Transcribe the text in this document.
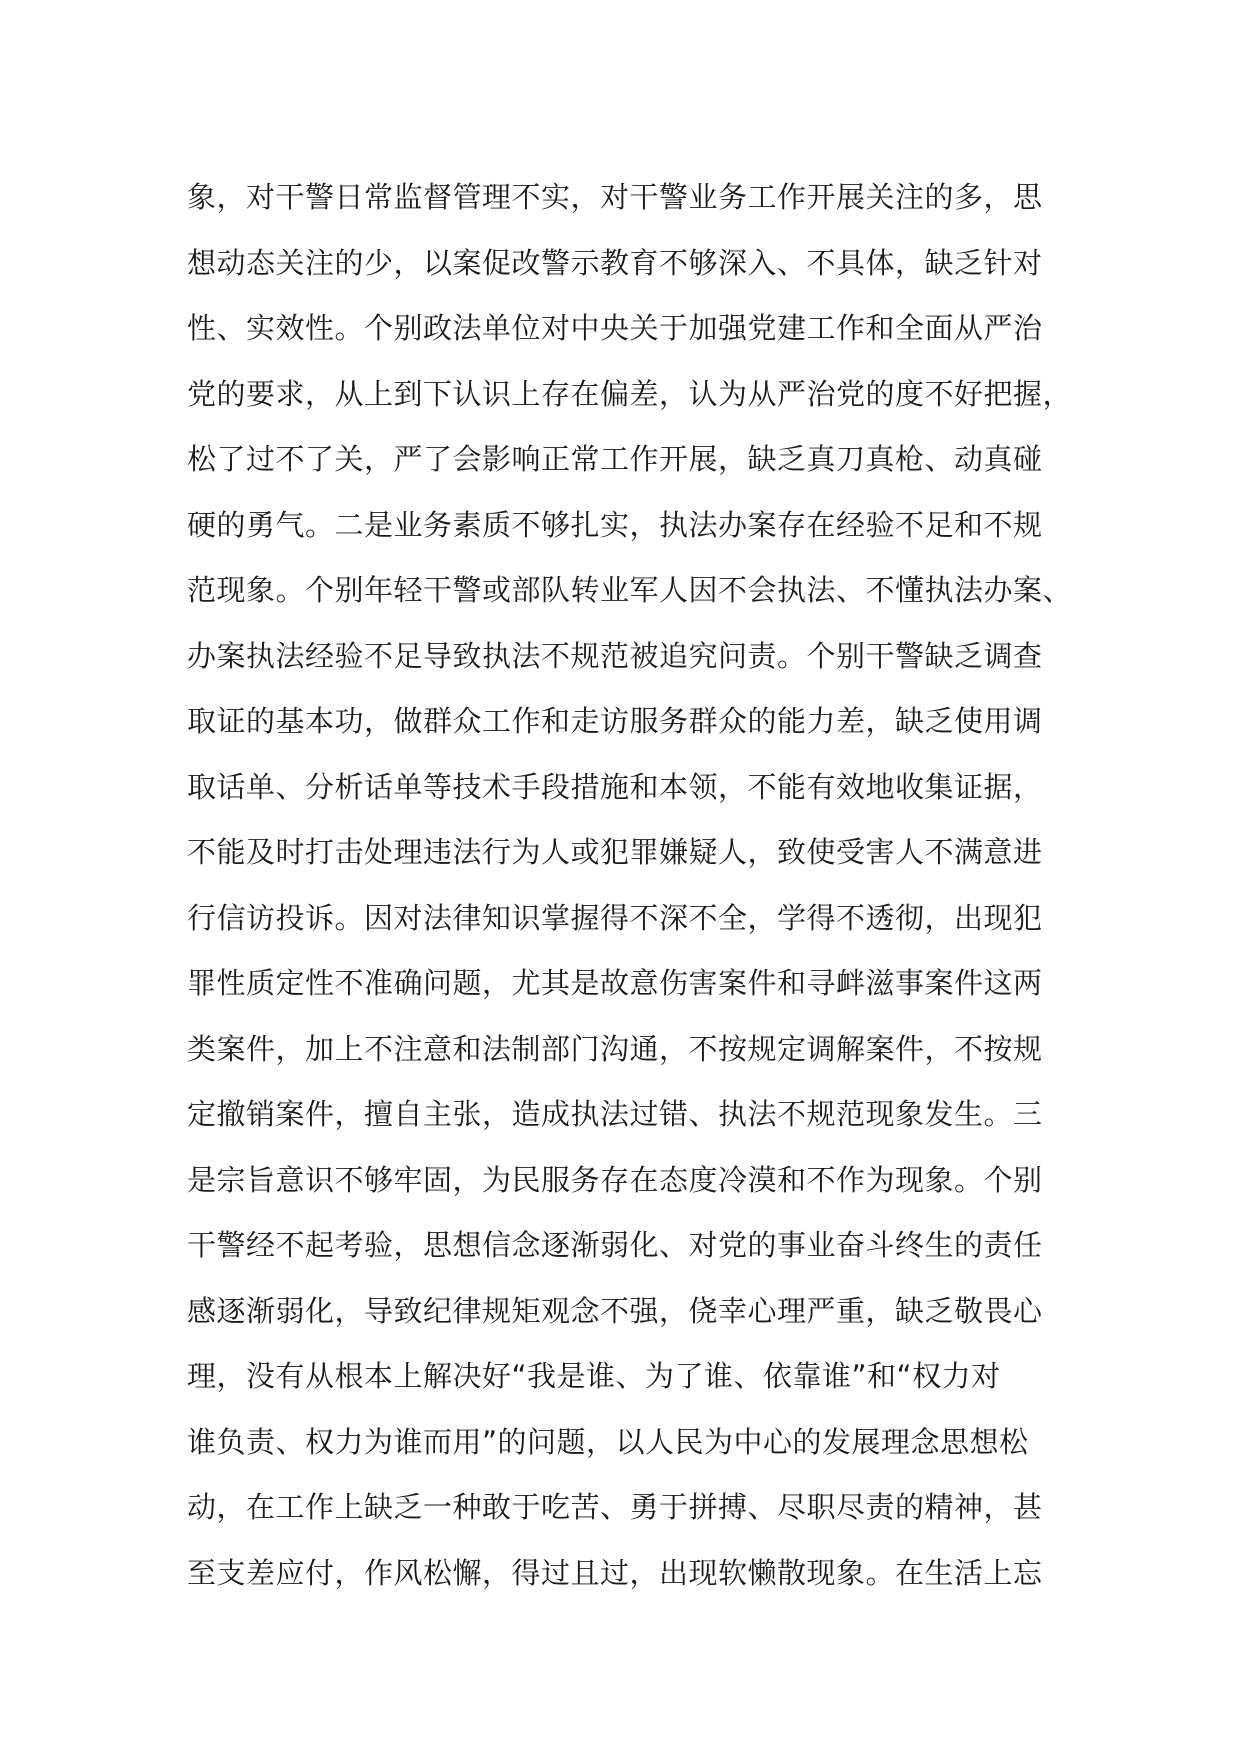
象，对干警日常监督管理不实，对干警业务工作开展关注的多，思
想动态关注的少，以案促改警示教育不够深入、不具体，缺乏针对
性、实效性。个别政法单位对中央关于加强党建工作和全面从严治
党的要求，从上到下认识上存在偏差，认为从严治党的度不好把握，
松了过不了关，严了会影响正常工作开展，缺乏真刀真枪、动真碰
硬的勇气。二是业务素质不够扎实，执法办案存在经验不足和不规
范现象。个别年轻干警或部队转业军人因不会执法、不懂执法办案、
办案执法经验不足导致执法不规范被追究问责。个别干警缺乏调查
取证的基本功，做群众工作和走访服务群众的能力差，缺乏使用调
取话单、分析话单等技术手段措施和本领，不能有效地收集证据，
不能及时打击处理违法行为人或犯罪嫌疑人，致使受害人不满意进
行信访投诉。因对法律知识掌握得不深不全，学得不透彻，出现犯
罪性质定性不准确问题，尤其是故意伤害案件和寻衅滋事案件这两
类案件，加上不注意和法制部门沟通，不按规定调解案件，不按规
定撤销案件，擅自主张，造成执法过错、执法不规范现象发生。三
是宗旨意识不够牢固，为民服务存在态度冷漠和不作为现象。个别
干警经不起考验，思想信念逐渐弱化、对党的事业奋斗终生的责任
感逐渐弱化，导致纪律规矩观念不强，侥幸心理严重，缺乏敬畏心
理，没有从根本上解决好“我是谁、为了谁、依靠谁”和“权力对
谁负责、权力为谁而用”的问题，以人民为中心的发展理念思想松
动，在工作上缺乏一种敢于吃苦、勇于拼搏、尽职尽责的精神，甚
至支差应付，作风松懈，得过且过，出现软懒散现象。在生活上忘
